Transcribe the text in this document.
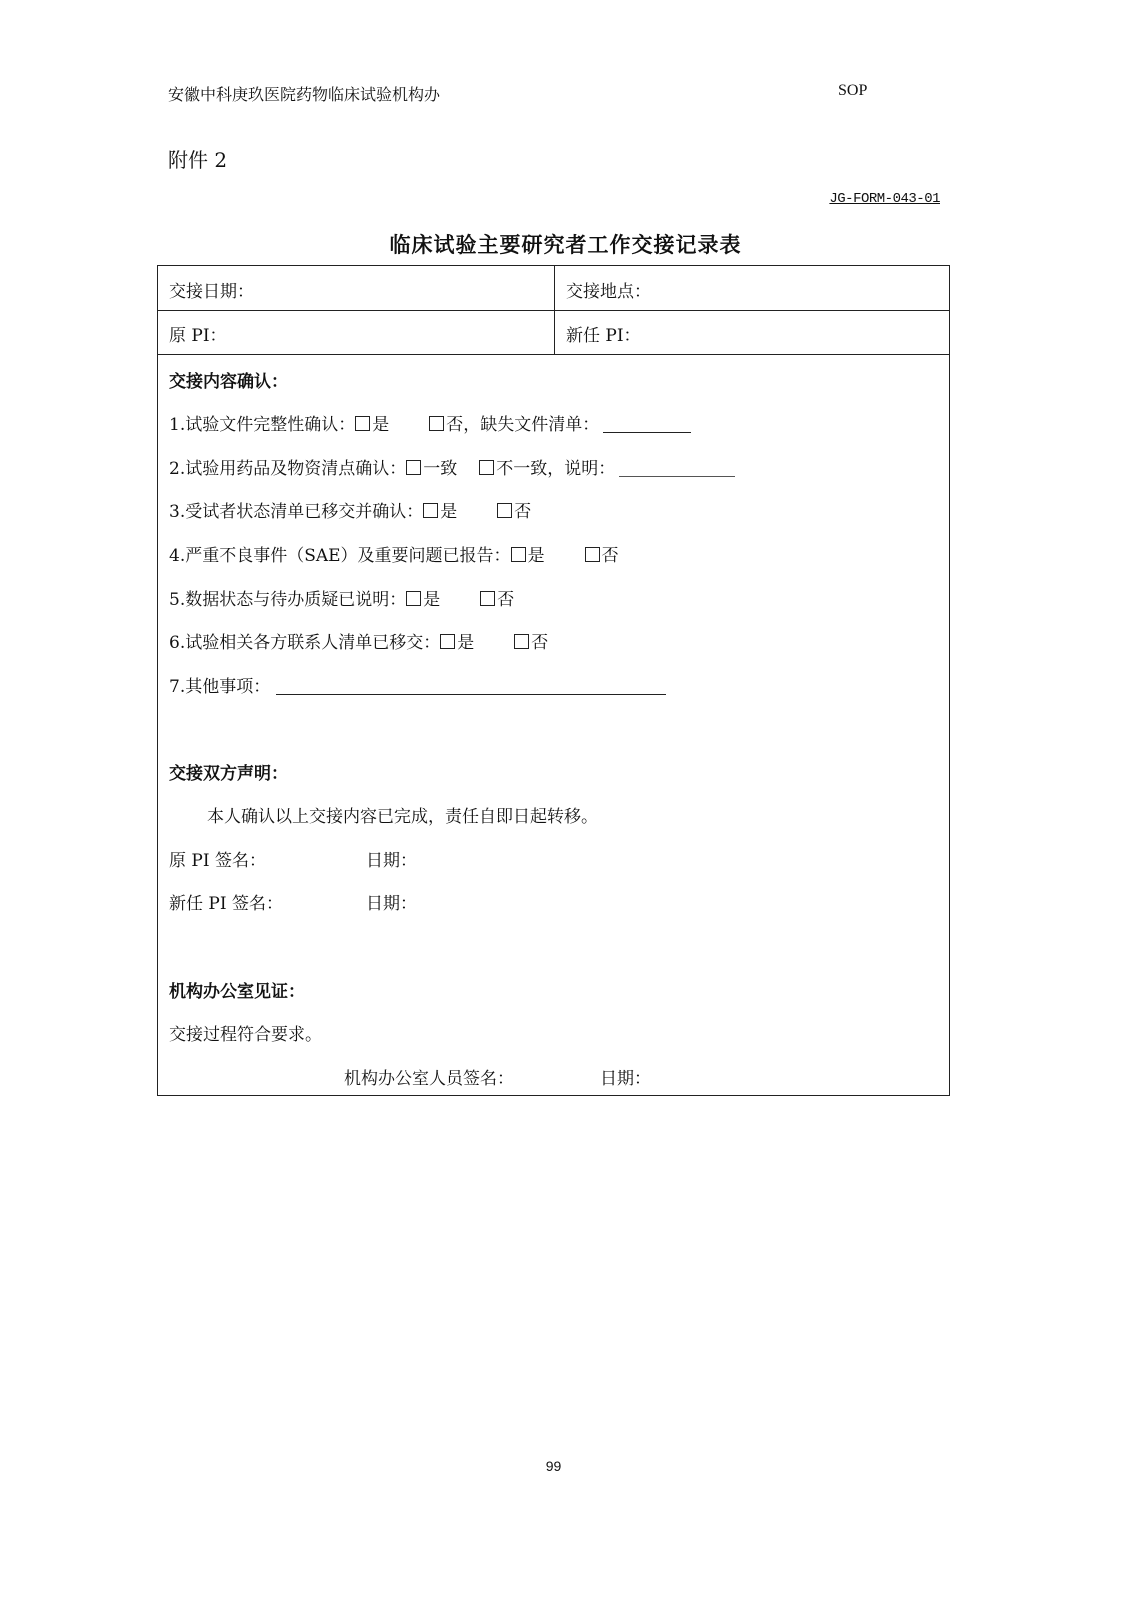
安徽中科庚玖医院药物临床试验机构办	SOP
附件 2
JG-FORM-043-01
临床试验主要研究者工作交接记录表
交接日期：	交接地点：
原 PI：	新任 PI：
交接内容确认：
1.试验文件完整性确认： 是	否，缺失文件清单：
2.试验用药品及物资清点确认： 一致 不一致，说明：
3.受试者状态清单已移交并确认： 是	否
4.严重不良事件（SAE）及重要问题已报告： 是	否
5.数据状态与待办质疑已说明： 是	否
6.试验相关各方联系人清单已移交： 是	否
7.其他事项：
交接双方声明：
本人确认以上交接内容已完成，责任自即日起转移。
原 PI 签名：	日期：
新任 PI 签名：	日期：
机构办公室见证：
交接过程符合要求。
机构办公室人员签名：	日期：
99
